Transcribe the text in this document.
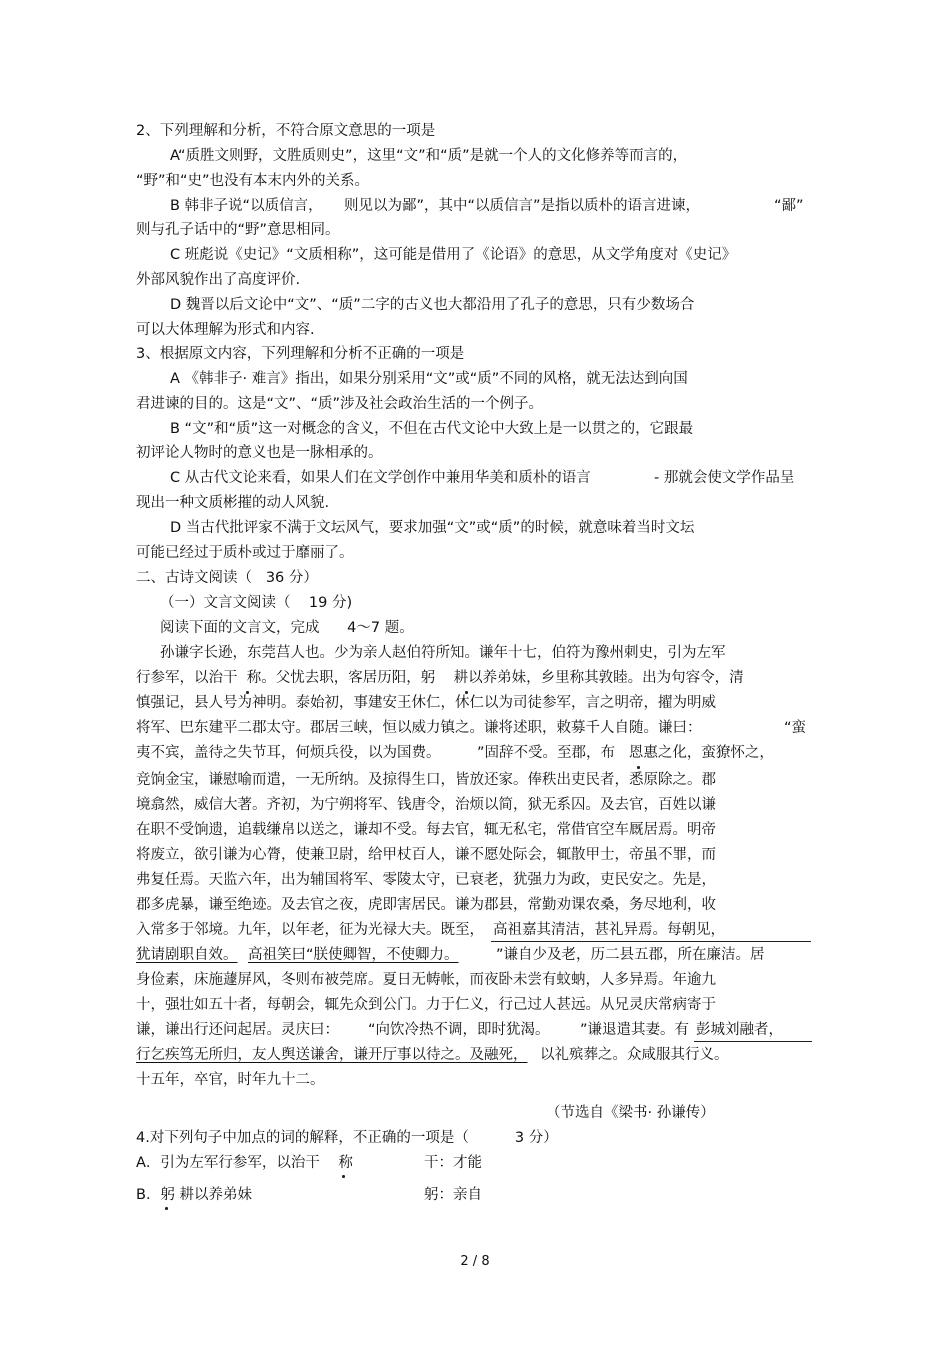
2、下列理解和分析，不符合原文意思的一项是
A“质胜文则野，文胜质则史”，这里“文”和“质”是就一个人的文化修养等而言的，
“野”和“史”也没有本末内外的关系。
B 韩非子说“以质信言， 则见以为鄙”，其中“以质信言”是指以质朴的语言进谏，	“鄙”
则与孔子话中的“野”意思相同。
C 班彪说《史记》“文质相称”，这可能是借用了《论语》的意思，从文学角度对《史记》
外部风貌作出了高度评价.
D 魏晋以后文论中“文”、“质”二字的古义也大都沿用了孔子的意思，只有少数场合
可以大体理解为形式和内容.
3、根据原文内容，下列理解和分析不正确的一项是
A 《韩非子· 难言》指出，如果分别采用“文”或“质”不同的风格，就无法达到向国
君进谏的目的。这是“文”、“质”涉及社会政治生活的一个例子。
B “文”和“质”这一对概念的含义，不但在古代文论中大致上是一以贯之的，它跟最
初评论人物时的意义也是一脉相承的。
C 从古代文论来看，如果人们在文学创作中兼用华美和质朴的语言	- 那就会使文学作品呈
现出一种文质彬摧的动人风貌.
D 当古代批评家不满于文坛风气，要求加强“文”或“质”的时候，就意味着当时文坛
可能已经过于质朴或过于靡丽了。
二、古诗文阅读（   36 分）
（一）文言文阅读（    19 分)
阅读下面的文言文，完成      4～7 题。
孙谦字长逊，东莞莒人也。少为亲人赵伯符所知。谦年十七，伯符为豫州刺史，引为左军
行参军，以治干  称。父忧去职，客居历阳，躬    耕以养弟妹，乡里称其敦睦。出为句容令，清
慎强记，县人号为神明。泰始初，事建安王休仁，休仁以为司徒参军，言之明帝，擢为明威
将军、巴东建平二郡太守。郡居三峡，恒以威力镇之。谦将述职，敕募千人自随。谦曰：	“蛮
夷不宾，盖待之失节耳，何烦兵役，以为国费。	”固辞不受。至郡，布   恩惠之化，蛮獠怀之，
竞饷金宝，谦慰喻而遣，一无所纳。及掠得生口，皆放还家。俸秩出吏民者，悉原除之。郡
境翕然，威信大著。齐初，为宁朔将军、钱唐令，治烦以简，狱无系囚。及去官，百姓以谦
在职不受饷遗，追载缣帛以送之，谦却不受。每去官，辄无私宅，常借官空车厩居焉。明帝
将废立，欲引谦为心膂，使兼卫尉，给甲杖百人，谦不愿处际会，辄散甲士，帝虽不罪，而
弗复任焉。天监六年，出为辅国将军、零陵太守，已衰老，犹强力为政，吏民安之。先是，
郡多虎暴，谦至绝迹。及去官之夜，虎即害居民。谦为郡县，常勤劝课农桑，务尽地利，收
入常多于邻境。九年，以年老，征为光禄大夫。既至， 高祖嘉其清洁，甚礼异焉。每朝见，
犹请剧职自效。 高祖笑曰“朕使卿智，不使卿力。	”谦自少及老，历二县五郡，所在廉洁。居
身俭素，床施蘧屏风，冬则布被莞席。夏日无帱帐，而夜卧未尝有蚊蚋，人多异焉。年逾九
十，强壮如五十者，每朝会，辄先众到公门。力于仁义，行己过人甚远。从兄灵庆常病寄于
谦，谦出行还问起居。灵庆曰： “向饮冷热不调，即时犹渴。 ”谦退遣其妻。有 彭城刘融者，
行乞疾笃无所归，友人舆送谦舍，谦开厅事以待之。及融死， 以礼殡葬之。众咸服其行义。
十五年，卒官，时年九十二。
（节选自《梁书· 孙谦传）
4.对下列句子中加点的词的解释，不正确的一项是（          3 分）
A．引为左军行参军，以治干    称	干：才能
B．躬 耕以养弟妹	躬：亲自
2 / 8
